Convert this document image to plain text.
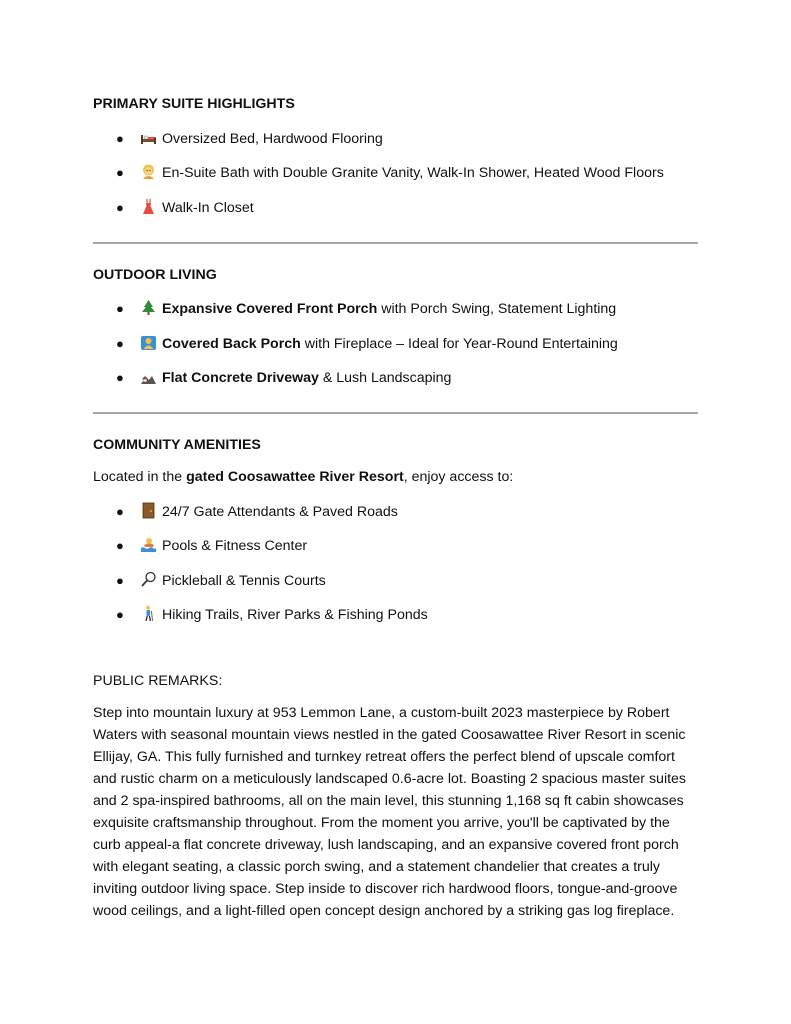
PRIMARY SUITE HIGHLIGHTS
●	Oversized Bed, Hardwood Flooring
●	En-Suite Bath with Double Granite Vanity, Walk-In Shower, Heated Wood Floors
●	Walk-In Closet
OUTDOOR LIVING
●	Expansive Covered Front Porch with Porch Swing, Statement Lighting
●	Covered Back Porch with Fireplace – Ideal for Year-Round Entertaining
●	Flat Concrete Driveway & Lush Landscaping
COMMUNITY AMENITIES
Located in the gated Coosawattee River Resort, enjoy access to:
●	24/7 Gate Attendants & Paved Roads
●	Pools & Fitness Center
●	Pickleball & Tennis Courts
●	Hiking Trails, River Parks & Fishing Ponds
PUBLIC REMARKS:
Step into mountain luxury at 953 Lemmon Lane, a custom-built 2023 masterpiece by Robert
Waters with seasonal mountain views nestled in the gated Coosawattee River Resort in scenic
Ellijay, GA. This fully furnished and turnkey retreat offers the perfect blend of upscale comfort
and rustic charm on a meticulously landscaped 0.6-acre lot. Boasting 2 spacious master suites
and 2 spa-inspired bathrooms, all on the main level, this stunning 1,168 sq ft cabin showcases
exquisite craftsmanship throughout. From the moment you arrive, you'll be captivated by the
curb appeal-a flat concrete driveway, lush landscaping, and an expansive covered front porch
with elegant seating, a classic porch swing, and a statement chandelier that creates a truly
inviting outdoor living space. Step inside to discover rich hardwood floors, tongue-and-groove
wood ceilings, and a light-filled open concept design anchored by a striking gas log fireplace.
